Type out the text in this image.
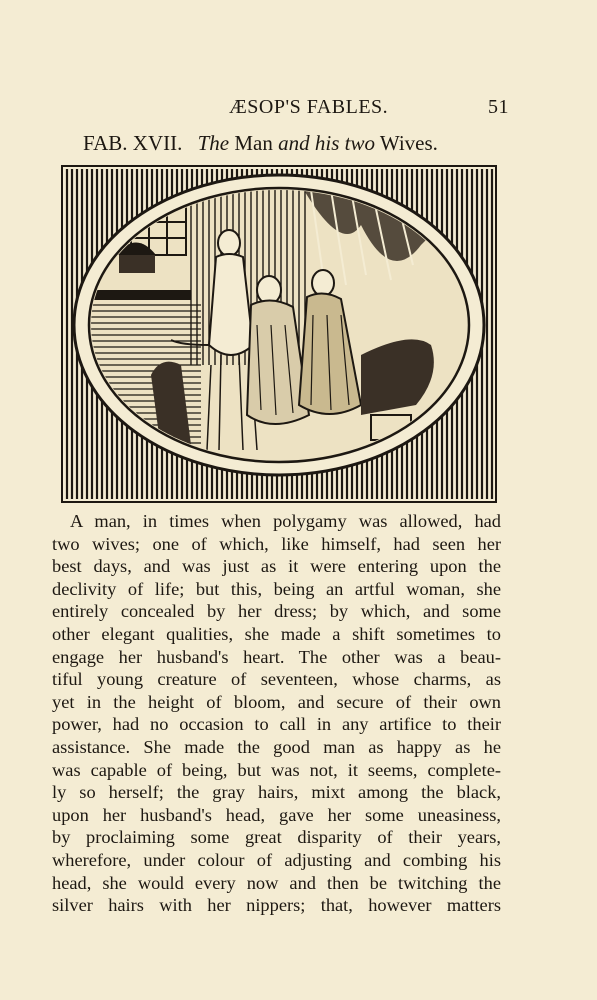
ÆSOP'S FABLES.	51
FAB. XVII. The Man and his two Wives.
A man, in times when polygamy was allowed, had
two wives; one of which, like himself, had seen her
best days, and was just as it were entering upon the
declivity of life; but this, being an artful woman, she
entirely concealed by her dress; by which, and some
other elegant qualities, she made a shift sometimes to
engage her husband's heart. The other was a beau-
tiful young creature of seventeen, whose charms, as
yet in the height of bloom, and secure of their own
power, had no occasion to call in any artifice to their
assistance. She made the good man as happy as he
was capable of being, but was not, it seems, complete-
ly so herself; the gray hairs, mixt among the black,
upon her husband's head, gave her some uneasiness,
by proclaiming some great disparity of their years,
wherefore, under colour of adjusting and combing his
head, she would every now and then be twitching the
silver hairs with her nippers; that, however matters
